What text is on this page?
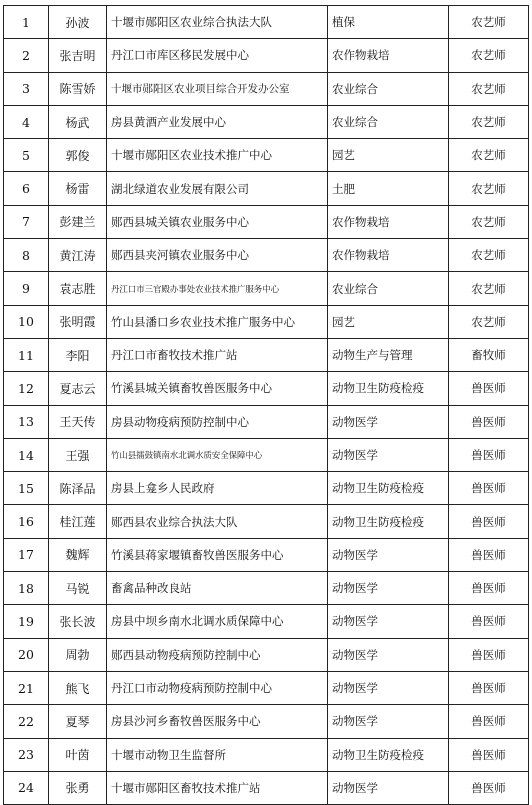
1	孙波	十堰市郧阳区农业综合执法大队	植保	农艺师
2	张吉明	丹江口市库区移民发展中心	农作物栽培	农艺师
3	陈雪娇	十堰市郧阳区农业项目综合开发办公室	农业综合	农艺师
4	杨武	房县黄酒产业发展中心	农业综合	农艺师
5	郭俊	十堰市郧阳区农业技术推广中心	园艺	农艺师
6	杨雷	湖北绿道农业发展有限公司	土肥	农艺师
7	彭建兰	郧西县城关镇农业服务中心	农作物栽培	农艺师
8	黄江涛	郧西县夹河镇农业服务中心	农作物栽培	农艺师
9	袁志胜	丹江口市三官殿办事处农业技术推广服务中心	农业综合	农艺师
10	张明霞	竹山县潘口乡农业技术推广服务中心	园艺	农艺师
11	李阳	丹江口市畜牧技术推广站	动物生产与管理	畜牧师
12	夏志云	竹溪县城关镇畜牧兽医服务中心	动物卫生防疫检疫	兽医师
13	王天传	房县动物疫病预防控制中心	动物医学	兽医师
14	王强	竹山县擂鼓镇南水北调水质安全保障中心	动物医学	兽医师
15	陈泽品	房县上龛乡人民政府	动物卫生防疫检疫	兽医师
16	桂江莲	郧西县农业综合执法大队	动物卫生防疫检疫	兽医师
17	魏辉	竹溪县蒋家堰镇畜牧兽医服务中心	动物医学	兽医师
18	马锐	畜禽品种改良站	动物医学	兽医师
19	张长波	房县中坝乡南水北调水质保障中心	动物医学	兽医师
20	周勃	郧西县动物疫病预防控制中心	动物医学	兽医师
21	熊飞	丹江口市动物疫病预防控制中心	动物医学	兽医师
22	夏琴	房县沙河乡畜牧兽医服务中心	动物医学	兽医师
23	叶茵	十堰市动物卫生监督所	动物卫生防疫检疫	兽医师
24	张勇	十堰市郧阳区畜牧技术推广站	动物医学	兽医师
